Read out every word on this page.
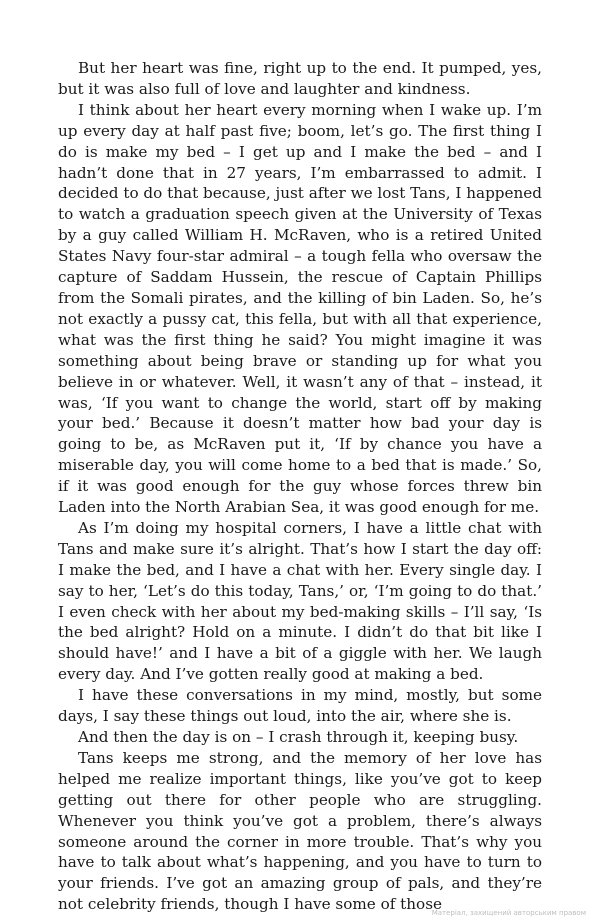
But her heart was fine, right up to the end. It pumped, yes, but it was also full of love and laughter and kindness.

I think about her heart every morning when I wake up. I’m up every day at half past five; boom, let’s go. The first thing I do is make my bed – I get up and I make the bed – and I hadn’t done that in 27 years, I’m embarrassed to admit. I decided to do that because, just after we lost Tans, I happened to watch a graduation speech given at the University of Texas by a guy called William H. McRaven, who is a retired United States Navy four-star admiral – a tough fella who oversaw the capture of Saddam Hussein, the rescue of Captain Phillips from the Somali pirates, and the killing of bin Laden. So, he’s not exactly a pussy cat, this fella, but with all that experience, what was the first thing he said? You might imagine it was something about being brave or standing up for what you believe in or whatever. Well, it wasn’t any of that – instead, it was, ‘If you want to change the world, start off by making your bed.’ Because it doesn’t matter how bad your day is going to be, as McRaven put it, ‘If by chance you have a miserable day, you will come home to a bed that is made.’ So, if it was good enough for the guy whose forces threw bin Laden into the North Arabian Sea, it was good enough for me.

As I’m doing my hospital corners, I have a little chat with Tans and make sure it’s alright. That’s how I start the day off: I make the bed, and I have a chat with her. Every single day. I say to her, ‘Let’s do this today, Tans,’ or, ‘I’m going to do that.’ I even check with her about my bed-making skills – I’ll say, ‘Is the bed alright? Hold on a minute. I didn’t do that bit like I should have!’ and I have a bit of a giggle with her. We laugh every day. And I’ve gotten really good at making a bed.

I have these conversations in my mind, mostly, but some days, I say these things out loud, into the air, where she is.

And then the day is on – I crash through it, keeping busy.

Tans keeps me strong, and the memory of her love has helped me realize important things, like you’ve got to keep getting out there for other people who are struggling. Whenever you think you’ve got a problem, there’s always someone around the corner in more trouble. That’s why you have to talk about what’s happening, and you have to turn to your friends. I’ve got an amazing group of pals, and they’re not celebrity friends, though I have some of those

Матеріал, захищений авторським правом
